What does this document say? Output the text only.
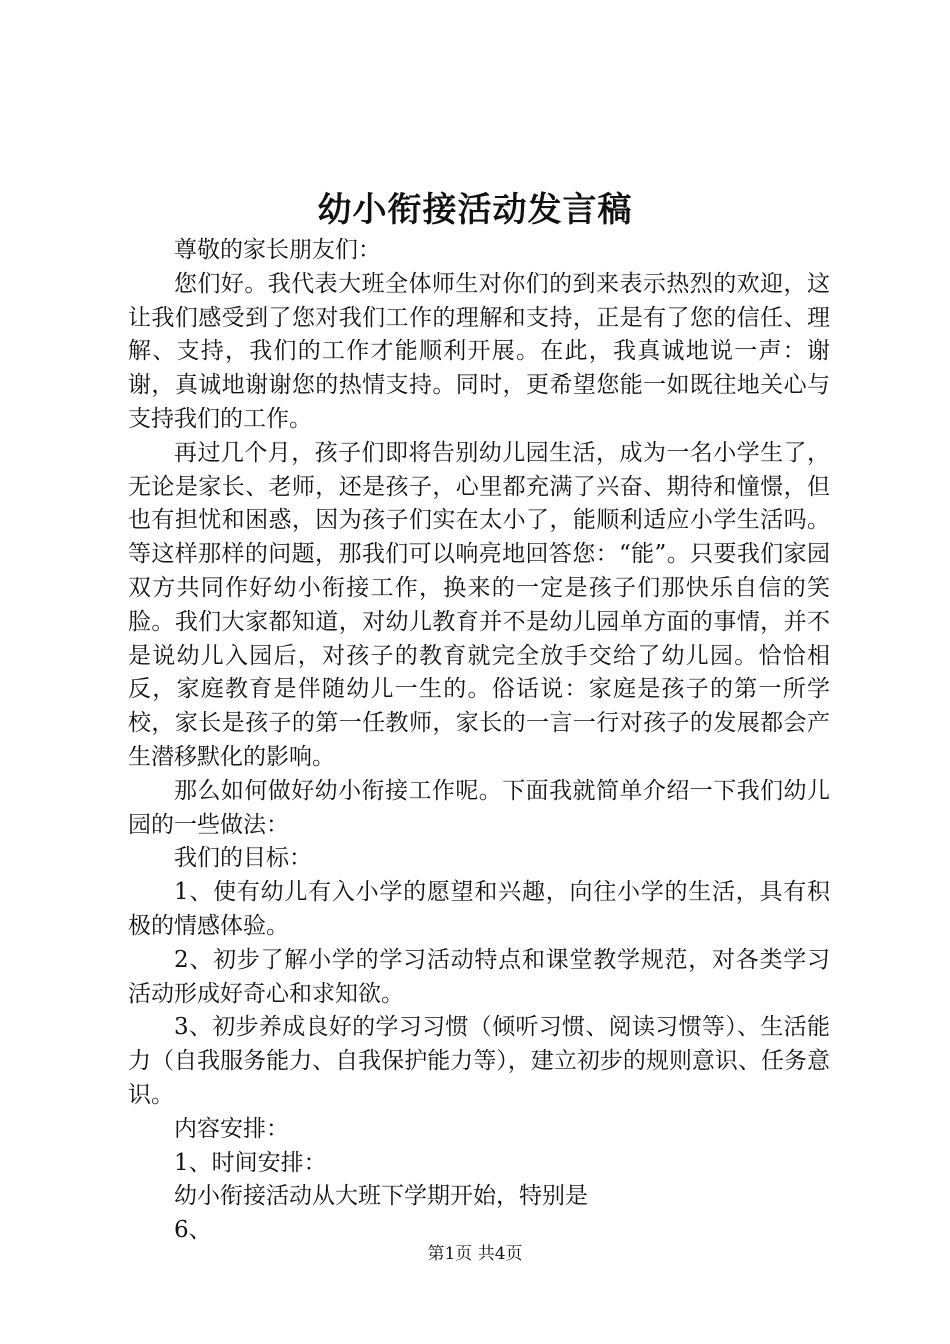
幼小衔接活动发言稿

尊敬的家长朋友们：

您们好。我代表大班全体师生对你们的到来表示热烈的欢迎，这让我们感受到了您对我们工作的理解和支持，正是有了您的信任、理解、支持，我们的工作才能顺利开展。在此，我真诚地说一声：谢谢，真诚地谢谢您的热情支持。同时，更希望您能一如既往地关心与支持我们的工作。

再过几个月，孩子们即将告别幼儿园生活，成为一名小学生了，无论是家长、老师，还是孩子，心里都充满了兴奋、期待和憧憬，但也有担忧和困惑，因为孩子们实在太小了，能顺利适应小学生活吗。等这样那样的问题，那我们可以响亮地回答您：“能”。只要我们家园双方共同作好幼小衔接工作，换来的一定是孩子们那快乐自信的笑脸。我们大家都知道，对幼儿教育并不是幼儿园单方面的事情，并不是说幼儿入园后，对孩子的教育就完全放手交给了幼儿园。恰恰相反，家庭教育是伴随幼儿一生的。俗话说：家庭是孩子的第一所学校，家长是孩子的第一任教师，家长的一言一行对孩子的发展都会产生潜移默化的影响。

那么如何做好幼小衔接工作呢。下面我就简单介绍一下我们幼儿园的一些做法：

我们的目标：

1、使有幼儿有入小学的愿望和兴趣，向往小学的生活，具有积极的情感体验。

2、初步了解小学的学习活动特点和课堂教学规范，对各类学习活动形成好奇心和求知欲。

3、初步养成良好的学习习惯（倾听习惯、阅读习惯等）、生活能力（自我服务能力、自我保护能力等），建立初步的规则意识、任务意识。

内容安排：

1、时间安排：

幼小衔接活动从大班下学期开始，特别是

6、

第1页 共4页
